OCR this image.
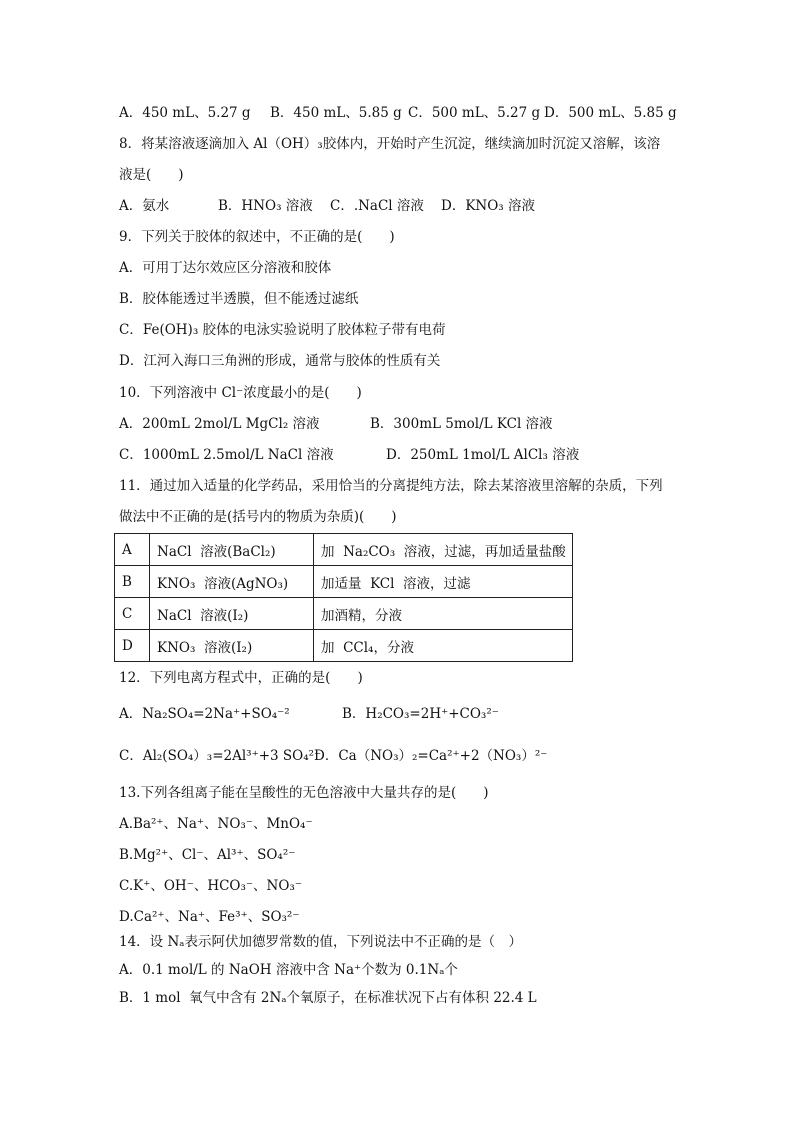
A．450 mL、5.27 g B．450 mL、5.85 g C．500 mL、5.27 g D．500 mL、5.85 g
8．将某溶液逐滴加入 Al（OH）₃胶体内，开始时产生沉淀，继续滴加时沉淀又溶解，该溶
液是(　　)
A．氨水	B．HNO₃ 溶液 C．.NaCl 溶液 D．KNO₃ 溶液
9．下列关于胶体的叙述中，不正确的是(　　)
A．可用丁达尔效应区分溶液和胶体
B．胶体能透过半透膜，但不能透过滤纸
C．Fe(OH)₃ 胶体的电泳实验说明了胶体粒子带有电荷
D．江河入海口三角洲的形成，通常与胶体的性质有关
10．下列溶液中 Cl⁻浓度最小的是(　　)
A．200mL 2mol/L MgCl₂ 溶液	B．300mL 5mol/L KCl 溶液
C．1000mL 2.5mol/L NaCl 溶液	D．250mL 1mol/L AlCl₃ 溶液
11．通过加入适量的化学药品，采用恰当的分离提纯方法，除去某溶液里溶解的杂质，下列
做法中不正确的是(括号内的物质为杂质)(　　)
A	NaCl  溶液(BaCl₂)	加  Na₂CO₃  溶液，过滤，再加适量盐酸
B	KNO₃  溶液(AgNO₃)	加适量  KCl  溶液，过滤
C	NaCl  溶液(I₂)	加酒精，分液
D	KNO₃  溶液(I₂)	加  CCl₄，分液
12．下列电离方程式中，正确的是(　　)
A．Na₂SO₄=2Na⁺+SO₄⁻²	B．H₂CO₃=2H⁺+CO₃²⁻
C．Al₂(SO₄）₃=2Al³⁺+3 SO₄²⁻
D．Ca（NO₃）₂=Ca²⁺+2（NO₃）²⁻
13.下列各组离子能在呈酸性的无色溶液中大量共存的是(　　)
A.Ba²⁺、Na⁺、NO₃⁻、MnO₄⁻
B.Mg²⁺、Cl⁻、Al³⁺、SO₄²⁻
C.K⁺、OH⁻、HCO₃⁻、NO₃⁻
D.Ca²⁺、Na⁺、Fe³⁺、SO₃²⁻
14．设 Nₐ表示阿伏加德罗常数的值，下列说法中不正确的是（　）
A．0.1 mol/L 的 NaOH 溶液中含 Na⁺个数为 0.1Nₐ个
B．1 mol  氧气中含有 2Nₐ个氧原子，在标准状况下占有体积 22.4 L
